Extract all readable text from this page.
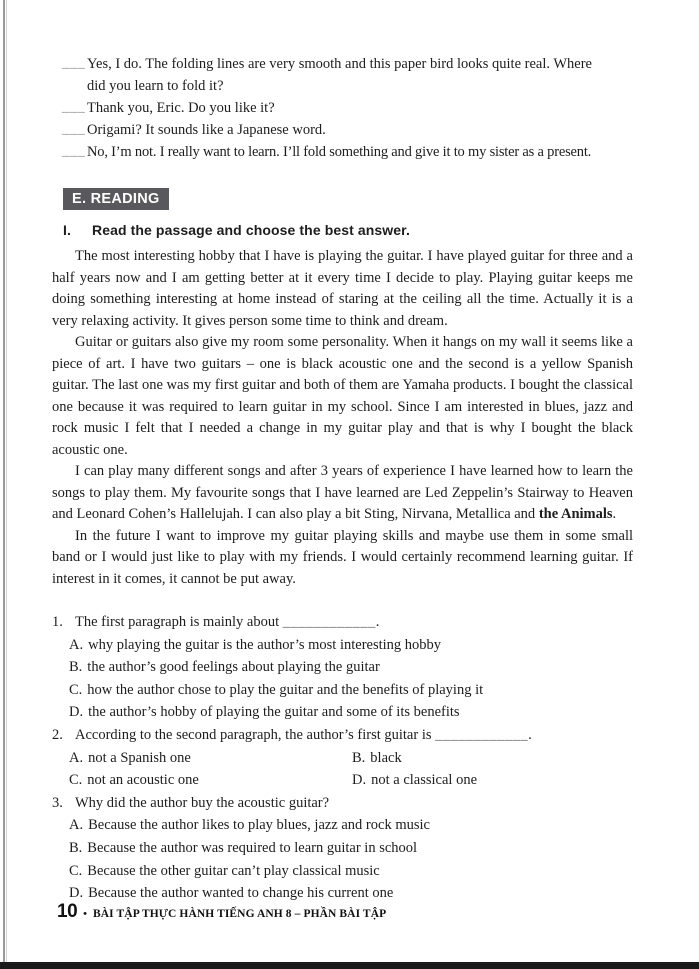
___ Yes, I do. The folding lines are very smooth and this paper bird looks quite real. Where
did you learn to fold it?
___ Thank you, Eric. Do you like it?
___ Origami? It sounds like a Japanese word.
___ No, I’m not. I really want to learn. I’ll fold something and give it to my sister as a present.
E. READING
I.	Read the passage and choose the best answer.

The most interesting hobby that I have is playing the guitar. I have played guitar for three and a half years now and I am getting better at it every time I decide to play. Playing guitar keeps me doing something interesting at home instead of staring at the ceiling all the time. Actually it is a very relaxing activity. It gives person some time to think and dream.

Guitar or guitars also give my room some personality. When it hangs on my wall it seems like a piece of art. I have two guitars – one is black acoustic one and the second is a yellow Spanish guitar. The last one was my first guitar and both of them are Yamaha products. I bought the classical one because it was required to learn guitar in my school. Since I am interested in blues, jazz and rock music I felt that I needed a change in my guitar play and that is why I bought the black acoustic one.

I can play many different songs and after 3 years of experience I have learned how to learn the songs to play them. My favourite songs that I have learned are Led Zeppelin’s Stairway to Heaven and Leonard Cohen’s Hallelujah. I can also play a bit Sting, Nirvana, Metallica and the Animals.

In the future I want to improve my guitar playing skills and maybe use them in some small band or I would just like to play with my friends. I would certainly recommend learning guitar. If interest in it comes, it cannot be put away.

1. The first paragraph is mainly about ____________.
A. why playing the guitar is the author’s most interesting hobby
B. the author’s good feelings about playing the guitar
C. how the author chose to play the guitar and the benefits of playing it
D. the author’s hobby of playing the guitar and some of its benefits
2. According to the second paragraph, the author’s first guitar is ____________.
A. not a Spanish one	B. black
C. not an acoustic one	D. not a classical one
3. Why did the author buy the acoustic guitar?
A. Because the author likes to play blues, jazz and rock music
B. Because the author was required to learn guitar in school
C. Because the other guitar can’t play classical music
D. Because the author wanted to change his current one
10 • BÀI TẬP THỰC HÀNH TIẾNG ANH 8 – PHẦN BÀI TẬP
